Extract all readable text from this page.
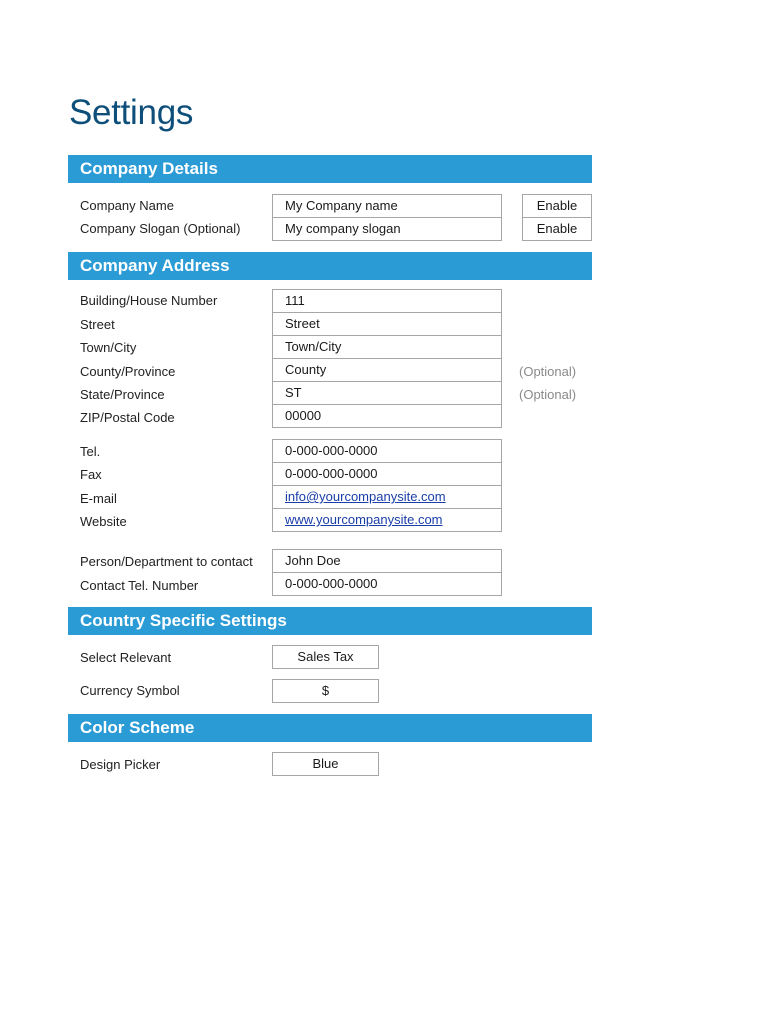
Settings
Company Details
Company Name	My Company name	Enable
Company Slogan (Optional)	My company slogan	Enable
Company Address
Building/House Number	111
Street	Street
Town/City	Town/City
County/Province	County	(Optional)
State/Province	ST	(Optional)
ZIP/Postal Code	00000
Tel.	0-000-000-0000
Fax	0-000-000-0000
E-mail	info@yourcompanysite.com
Website	www.yourcompanysite.com
Person/Department to contact	John Doe
Contact Tel. Number	0-000-000-0000
Country Specific Settings
Select Relevant	Sales Tax
Currency Symbol	$
Color Scheme
Design Picker	Blue
